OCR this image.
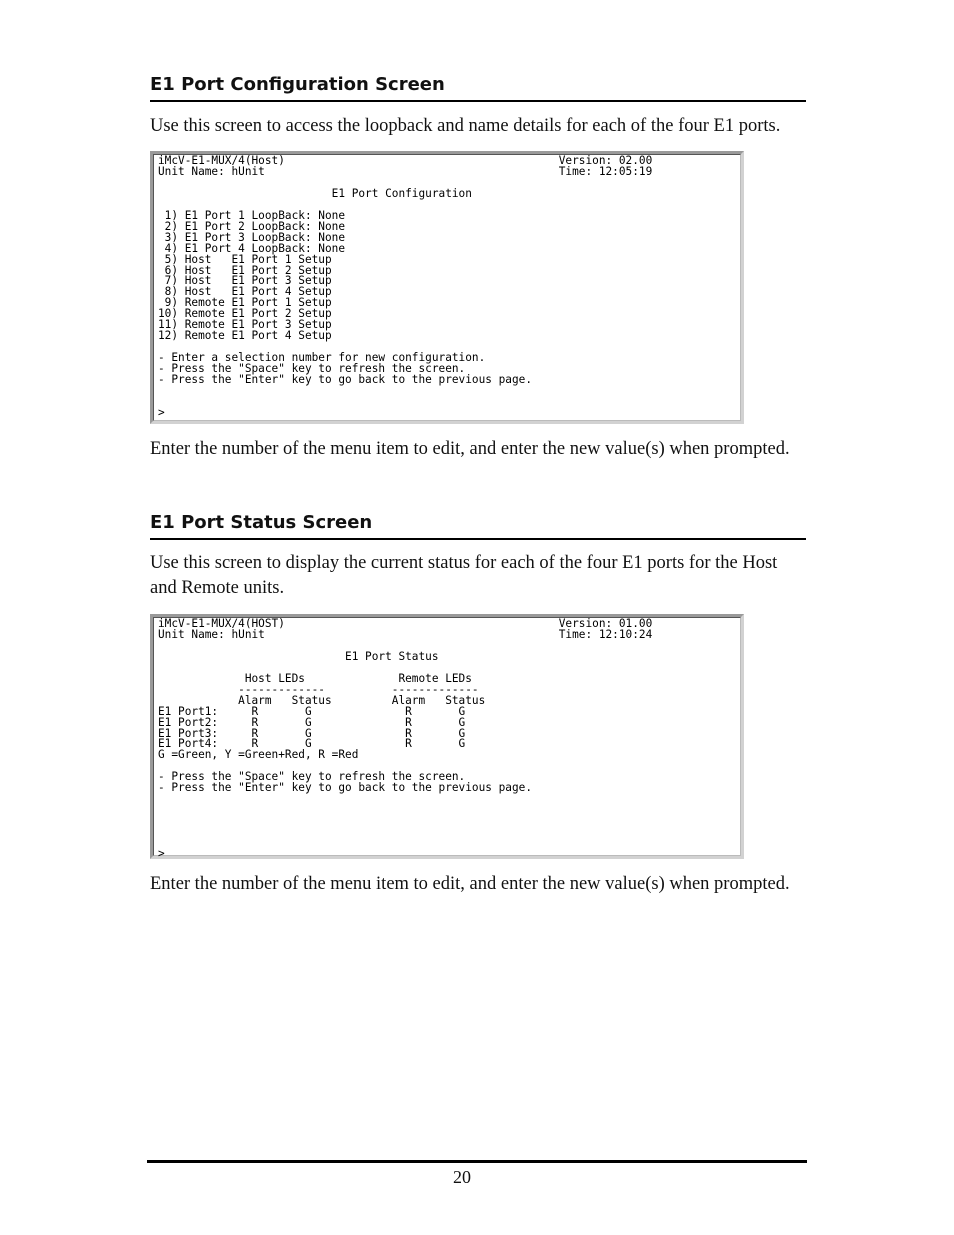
E1 Port Configuration Screen

Use this screen to access the loopback and name details for each of the four E1 ports.

iMcV-E1-MUX/4(Host)                                         Version: 02.00
Unit Name: hUnit                                            Time: 12:05:19

E1 Port Configuration

1) E1 Port 1 LoopBack: None
2) E1 Port 2 LoopBack: None
3) E1 Port 3 LoopBack: None
4) E1 Port 4 LoopBack: None
5) Host   E1 Port 1 Setup
6) Host   E1 Port 2 Setup
7) Host   E1 Port 3 Setup
8) Host   E1 Port 4 Setup
9) Remote E1 Port 1 Setup
10) Remote E1 Port 2 Setup
11) Remote E1 Port 3 Setup
12) Remote E1 Port 4 Setup

- Enter a selection number for new configuration.
- Press the "Space" key to refresh the screen.
- Press the "Enter" key to go back to the previous page.

>

Enter the number of the menu item to edit, and enter the new value(s) when prompted.

E1 Port Status Screen

Use this screen to display the current status for each of the four E1 ports for the Host and Remote units.

iMcV-E1-MUX/4(HOST)                                         Version: 01.00
Unit Name: hUnit                                            Time: 12:10:24

E1 Port Status

Host LEDs              Remote LEDs
-------------          -------------
Alarm   Status         Alarm   Status
E1 Port1:     R       G              R       G
E1 Port2:     R       G              R       G
E1 Port3:     R       G              R       G
E1 Port4:     R       G              R       G
G =Green, Y =Green+Red, R =Red

- Press the "Space" key to refresh the screen.
- Press the "Enter" key to go back to the previous page.

>

Enter the number of the menu item to edit, and enter the new value(s) when prompted.

20
